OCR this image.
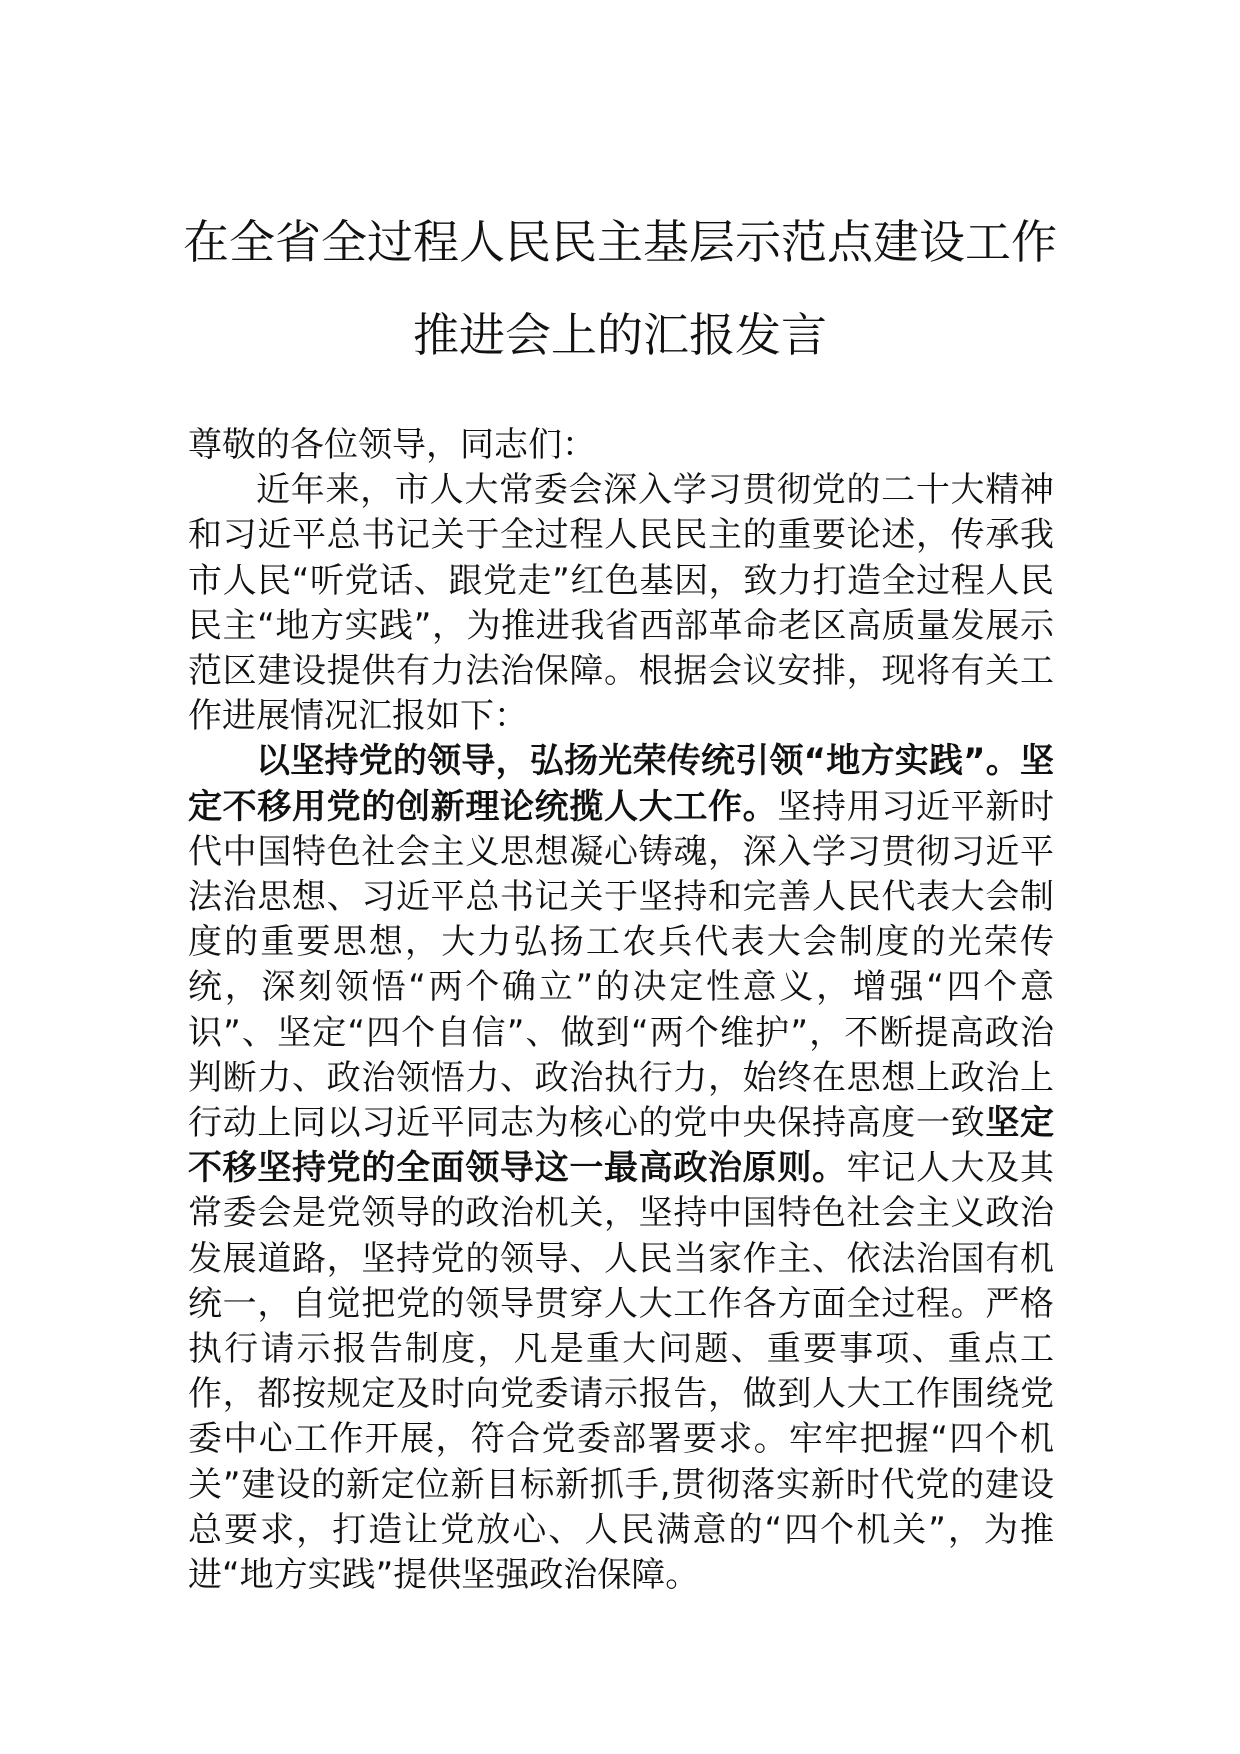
在全省全过程人民民主基层示范点建设工作推进会上的汇报发言

尊敬的各位领导，同志们：

近年来，市人大常委会深入学习贯彻党的二十大精神和习近平总书记关于全过程人民民主的重要论述，传承我市人民“听党话、跟党走”红色基因，致力打造全过程人民民主“地方实践”，为推进我省西部革命老区高质量发展示范区建设提供有力法治保障。根据会议安排，现将有关工作进展情况汇报如下：

以坚持党的领导，弘扬光荣传统引领“地方实践”。坚定不移用党的创新理论统揽人大工作。坚持用习近平新时代中国特色社会主义思想凝心铸魂，深入学习贯彻习近平法治思想、习近平总书记关于坚持和完善人民代表大会制度的重要思想，大力弘扬工农兵代表大会制度的光荣传统，深刻领悟“两个确立”的决定性意义，增强“四个意识”、坚定“四个自信”、做到“两个维护”，不断提高政治判断力、政治领悟力、政治执行力，始终在思想上政治上行动上同以习近平同志为核心的党中央保持高度一致坚定不移坚持党的全面领导这一最高政治原则。牢记人大及其常委会是党领导的政治机关，坚持中国特色社会主义政治发展道路，坚持党的领导、人民当家作主、依法治国有机统一，自觉把党的领导贯穿人大工作各方面全过程。严格执行请示报告制度，凡是重大问题、重要事项、重点工作，都按规定及时向党委请示报告，做到人大工作围绕党委中心工作开展，符合党委部署要求。牢牢把握“四个机关”建设的新定位新目标新抓手,贯彻落实新时代党的建设总要求，打造让党放心、人民满意的“四个机关”，为推进“地方实践”提供坚强政治保障。
